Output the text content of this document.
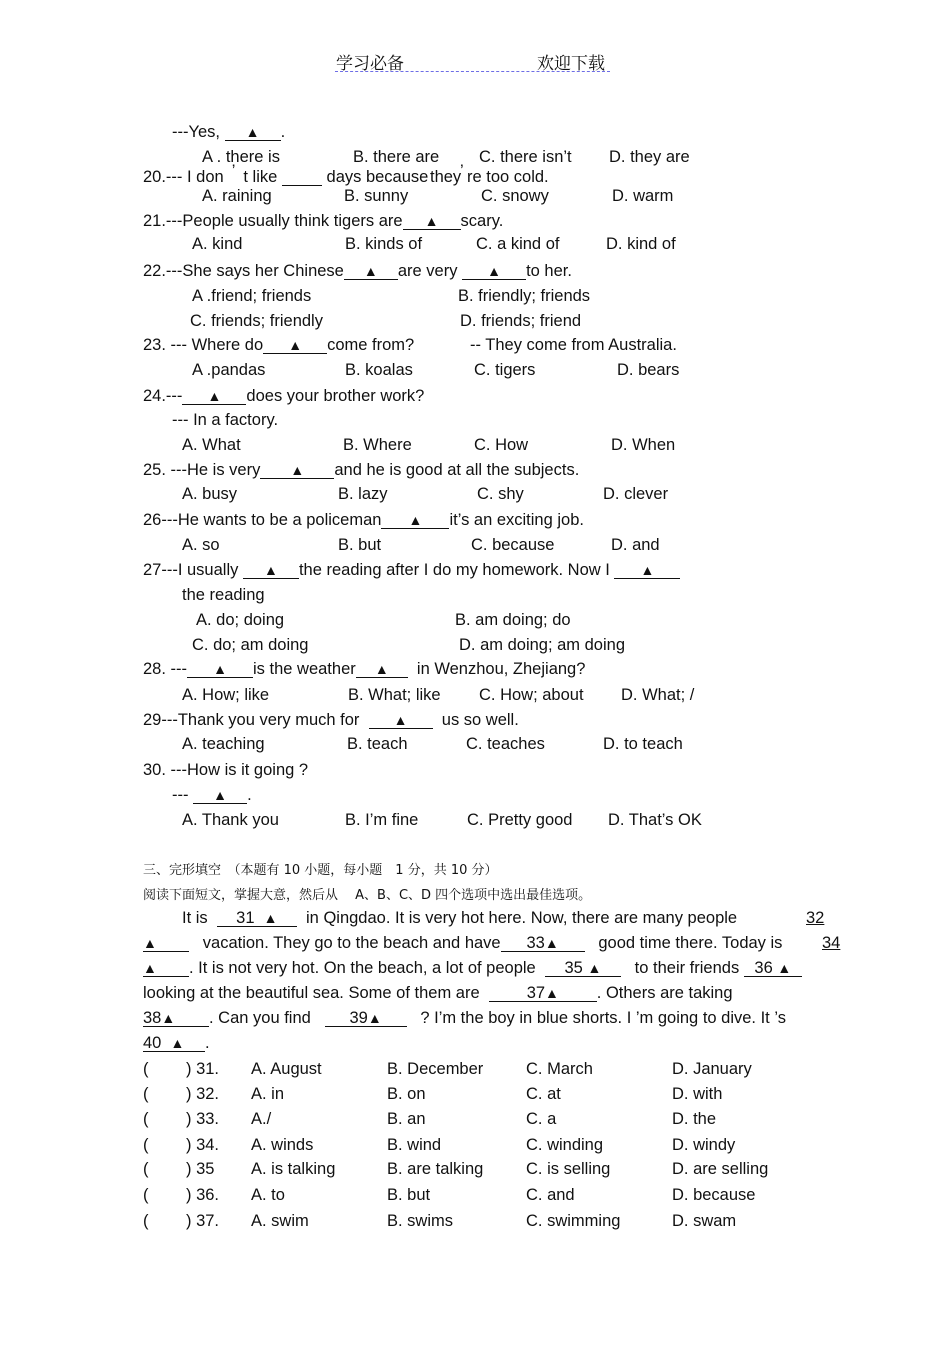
学习必备	欢迎下载
---Yes, ▲ .
A . there is	B. there are C. there isn’t D. they are
20.--- I don ’ t like	days because they
’ re too cold.
A. raining	B. sunny	C. snowy	D. warm
21.---People usually think tigers are ▲ scary.
A. kind	B. kinds of	C. a kind of	D. kind of
22.---She says her Chinese ▲ are very ▲ to her.
A .friend; friends	B. friendly; friends
C. friends; friendly	D. friends; friend
23. --- Where do ▲ come from?	-- They come from Australia.
A .pandas	B. koalas	C. tigers	D. bears
24.--- ▲ does your brother work?
--- In a factory.
A. What	B. Where	C. How	D. When
25. ---He is very ▲ and he is good at all the subjects.
A. busy	B. lazy	C. shy	D. clever
26---He wants to be a policeman ▲ it’s an exciting job.
A. so	B. but	C. because	D. and
27---I usually ▲ the reading after I do my homework. Now I ▲
the reading
A. do; doing	B. am doing; do
C. do; am doing	D. am doing; am doing
28. --- ▲ is the weather ▲ in Wenzhou, Zhejiang?
A. How; like	B. What; like C. How; about D. What; /
29---Thank you very much for ▲ us so well.
A. teaching	B. teach	C. teaches	D. to teach
30. ---How is it going ?
--- ▲ .
A. Thank you	B. I’m fine	C. Pretty good D. That’s OK
三、完形填空　（本题有 10 小题，每小题　1 分，共 10 分）
阅读下面短文，掌握大意，然后从　 A、B、C、D 四个选项中选出最佳选项。
It is 31 ▲ in Qingdao. It is very hot here. Now, there are many people	32
▲	vacation. They go to the beach and have 33▲ good time there. Today is 34
▲ . It is not very hot. On the beach, a lot of people 35 ▲ to their friends 36 ▲
looking at the beautiful sea. Some of them are	37▲ . Others are taking
38▲ . Can you find 39▲ ? I’m the boy in blue shorts. I ’m going to dive. It ’s
40 ▲ .
( ) 31. A. August	B. December	C. March	D. January
( ) 32. A. in	B. on	C. at	D. with
( ) 33. A./	B. an	C. a	D. the
( ) 34. A. winds	B. wind	C. winding	D. windy
( ) 35 A. is talking	B. are talking	C. is selling	D. are selling
( ) 36. A. to	B. but	C. and	D. because
( ) 37. A. swim	B. swims	C. swimming	D. swam
